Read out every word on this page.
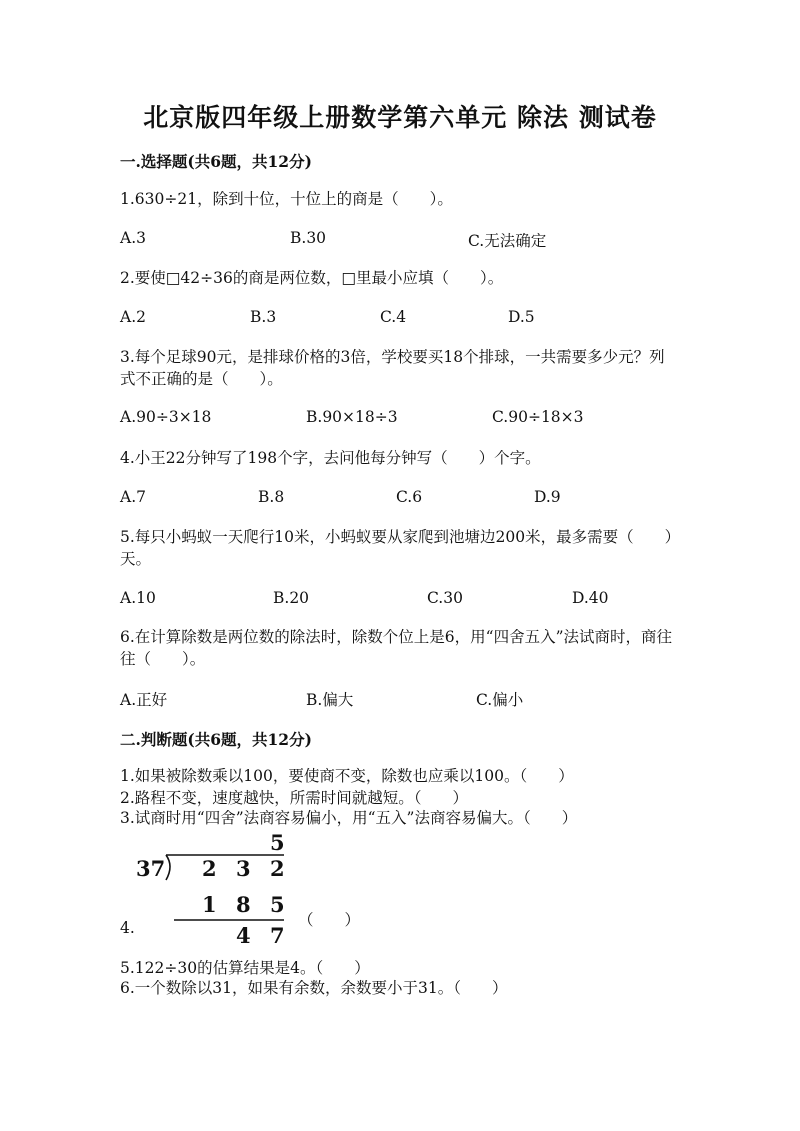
北京版四年级上册数学第六单元 除法 测试卷
一.选择题(共6题，共12分)
1.630÷21，除到十位，十位上的商是（　　）。
A.3	B.30	C.无法确定
2.要使□42÷36的商是两位数，□里最小应填（　　）。
A.2	B.3	C.4	D.5
3.每个足球90元，是排球价格的3倍，学校要买18个排球，一共需要多少元？列式不正确的是（　　）。
A.90÷3×18	B.90×18÷3	C.90÷18×3
4.小王22分钟写了198个字，去问他每分钟写（　　）个字。
A.7	B.8	C.6	D.9
5.每只小蚂蚁一天爬行10米，小蚂蚁要从家爬到池塘边200米，最多需要（　　）天。
A.10	B.20	C.30	D.40
6.在计算除数是两位数的除法时，除数个位上是6，用“四舍五入”法试商时，商往往（　　）。
A.正好	B.偏大	C.偏小
二.判断题(共6题，共12分)
1.如果被除数乘以100，要使商不变，除数也应乘以100。（　　）
2.路程不变，速度越快，所需时间就越短。（　　）
3.试商时用“四舍”法商容易偏小，用“五入”法商容易偏大。（　　）
5
37 2 3 2
1 8 5
4 7
4.	（　　）
5.122÷30的估算结果是4。（　　）
6.一个数除以31，如果有余数，余数要小于31。（　　）
